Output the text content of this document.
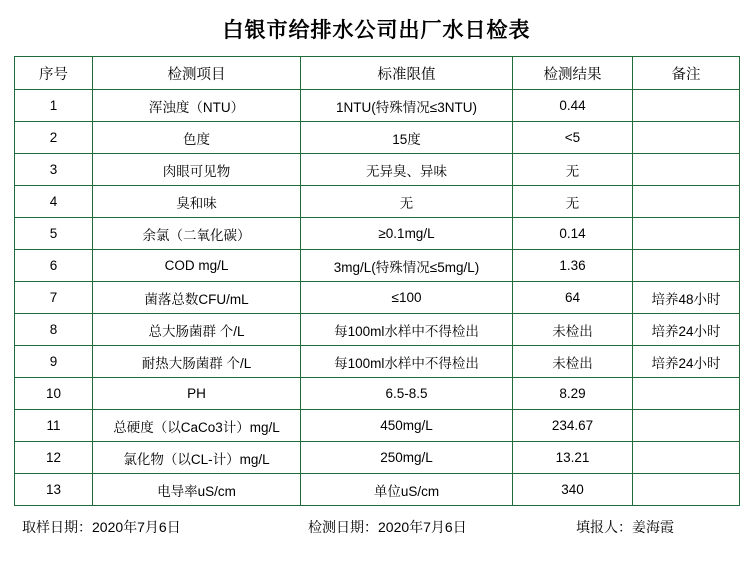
白银市给排水公司出厂水日检表
序号	检测项目	标准限值	检测结果	备注
1	浑浊度（NTU）	1NTU(特殊情况≤3NTU)	0.44	
2	色度	15度	<5	
3	肉眼可见物	无异臭、异味	无	
4	臭和味	无	无	
5	余氯（二氧化碳）	≥0.1mg/L	0.14	
6	COD mg/L	3mg/L(特殊情况≤5mg/L)	1.36	
7	菌落总数CFU/mL	≤100	64	培养48小时
8	总大肠菌群 个/L	每100ml水样中不得检出	未检出	培养24小时
9	耐热大肠菌群 个/L	每100ml水样中不得检出	未检出	培养24小时
10	PH	6.5-8.5	8.29	
11	总硬度（以CaCo3计）mg/L	450mg/L	234.67	
12	氯化物（以CL-计）mg/L	250mg/L	13.21	
13	电导率uS/cm	单位uS/cm	340	
取样日期：2020年7月6日	检测日期：2020年7月6日	填报人：姜海霞
